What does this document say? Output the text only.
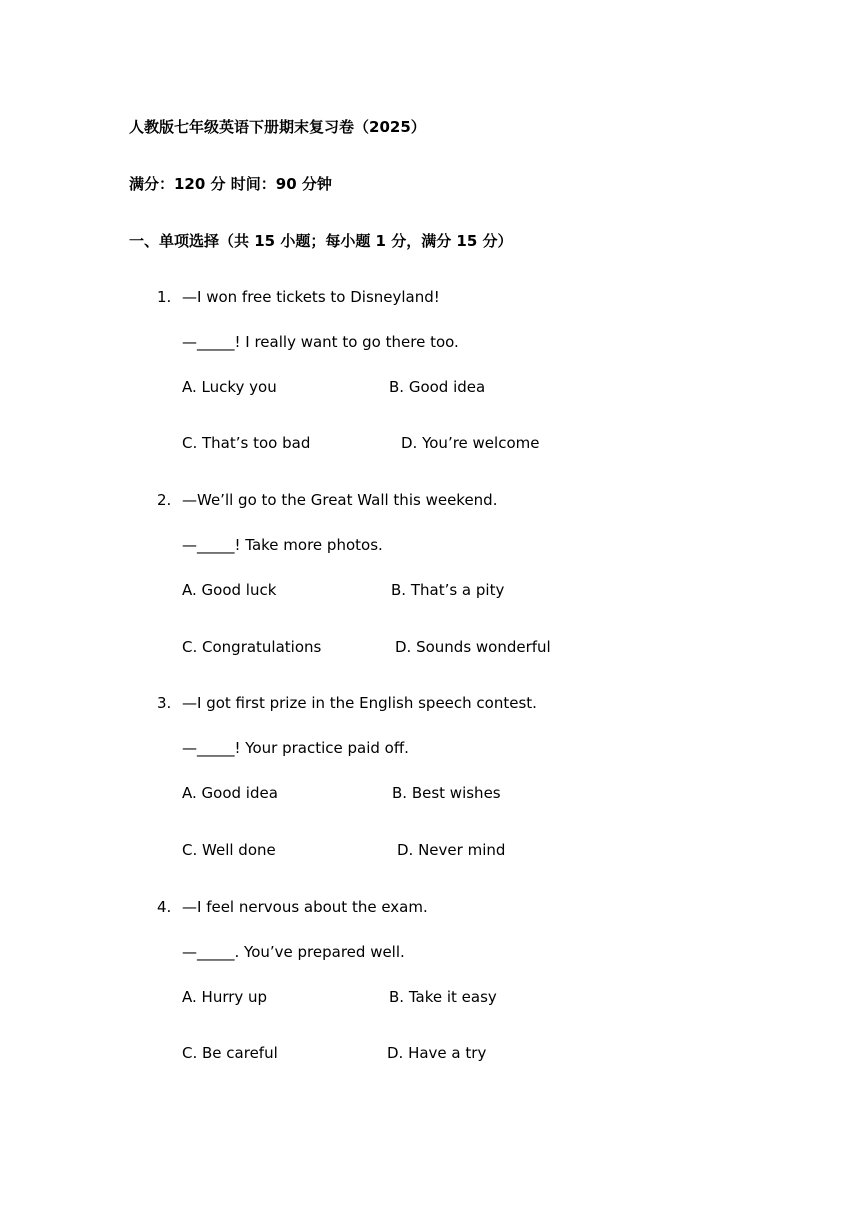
人教版七年级英语下册期末复习卷（2025）
满分：120 分 时间：90 分钟
一、单项选择（共 15 小题；每小题 1 分，满分 15 分）
1. —I won free tickets to Disneyland!
—_____! I really want to go there too.
A. Lucky you	B. Good idea
C. That’s too bad	D. You’re welcome
2. —We’ll go to the Great Wall this weekend.
—_____! Take more photos.
A. Good luck	B. That’s a pity
C. Congratulations	D. Sounds wonderful
3. —I got first prize in the English speech contest.
—_____! Your practice paid off.
A. Good idea	B. Best wishes
C. Well done	D. Never mind
4. —I feel nervous about the exam.
—_____. You’ve prepared well.
A. Hurry up	B. Take it easy
C. Be careful	D. Have a try
